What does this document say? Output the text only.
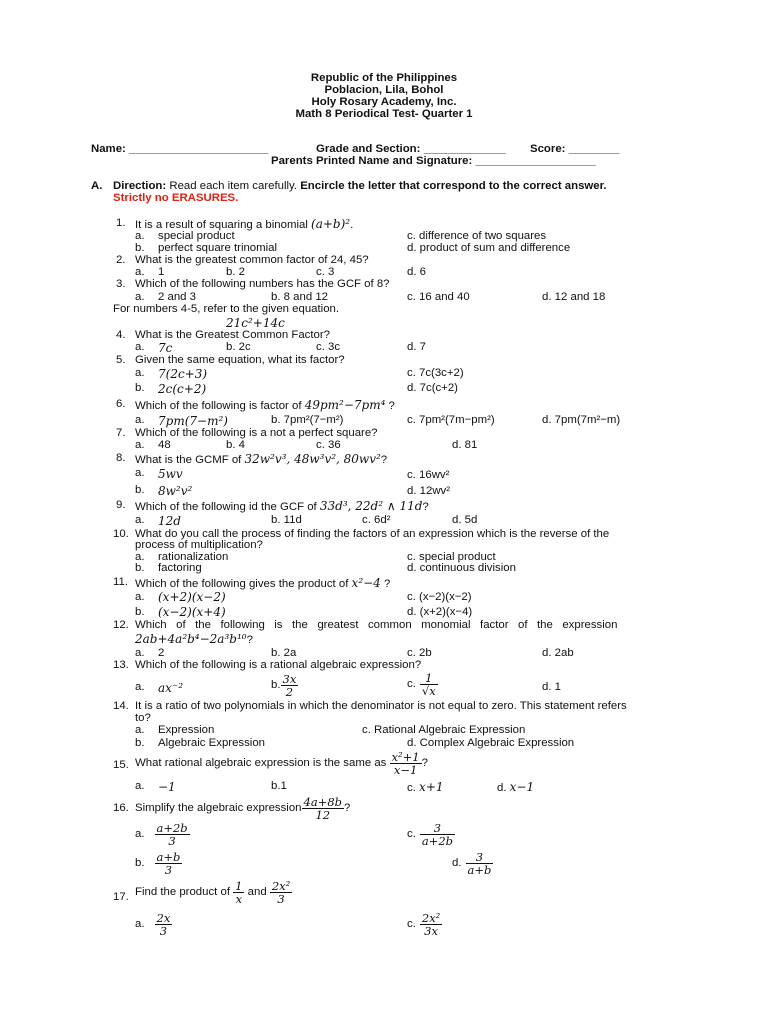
Republic of the Philippines
Poblacion, Lila, Bohol
Holy Rosary Academy, Inc.
Math 8 Periodical Test- Quarter 1
Name: ______________________	Grade and Section: _____________ Score: ________
Parents Printed Name and Signature: ___________________
A. Direction: Read each item carefully. Encircle the letter that correspond to the correct answer.
Strictly no ERASURES.
1. It is a result of squaring a binomial (a+b)².
a. special product
b. perfect square trinomial
c. difference of two squares
d. product of sum and difference
2. What is the greatest common factor of 24, 45?
a. 1	b. 2	c. 3	d. 6
3. Which of the following numbers has the GCF of 8?
a. 2 and 3	b. 8 and 12	c. 16 and 40	d. 12 and 18
For numbers 4-5, refer to the given equation.
21c²+14c
4. What is the Greatest Common Factor?
a. 7c	b. 2c	c. 3c	d. 7
5. Given the same equation, what its factor?
a. 7(2c+3)
b. 2c(c+2)
c. 7c(3c+2)
d. 7c(c+2)
6. Which of the following is factor of 49pm²−7pm⁴ ?
a. 7pm(7−m²)	b. 7pm²(7−m²)	c. 7pm²(7m−pm²)	d. 7pm(7m²−m)
7. Which of the following is a not a perfect square?
a. 48	b. 4	c. 36	d. 81
8. What is the GCMF of 32w²v³, 48w³v², 80wv²?
a. 5wv
b. 8w²v²
c. 16wv²
d. 12wv²
9. Which of the following id the GCF of 33d³, 22d² ∧ 11d?
a. 12d	b. 11d	c. 6d²	d. 5d
10. What do you call the process of finding the factors of an expression which is the reverse of the
process of multiplication?
a. rationalization
b. factoring
c. special product
d. continuous division
11. Which of the following gives the product of x²−4 ?
a. (x+2)(x−2)
b. (x−2)(x+4)
c. (x−2)(x−2)
d. (x+2)(x−4)
12. Which   of   the   following   is   the   greatest   common   monomial   factor   of   the   expression
2ab+4a²b⁴−2a³b¹⁰?
a. 2	b. 2a	c. 2b	d. 2ab
13. Which of the following is a rational algebraic expression?
a. ax⁻²	b. $\frac{3x}{2}$	c. $\frac{1}{√x}$	d. 1
14. It is a ratio of two polynomials in which the denominator is not equal to zero. This statement refers
to?
a. Expression
b. Algebraic Expression
c. Rational Algebraic Expression
d. Complex Algebraic Expression
15. What rational algebraic expression is the same as $\frac{\text{x²+1}}{x-1}$ ?
a. −1	b.1	c. x+1	d. x−1
16. Simplify the algebraic expression $\frac{4a+8b}{12}$ ?
a. $\frac{a+2b}{3}$
b. $\frac{a+b}{3}$
c. $\frac{3}{a+2b}$
d. $\frac{3}{a+b}$
17. Find the product of $\frac{1}{x}$ and $\frac{\text{2x²}}{3}$
a. $\frac{2x}{3}$	c. $\frac{\text{2x²}}{3x}$
